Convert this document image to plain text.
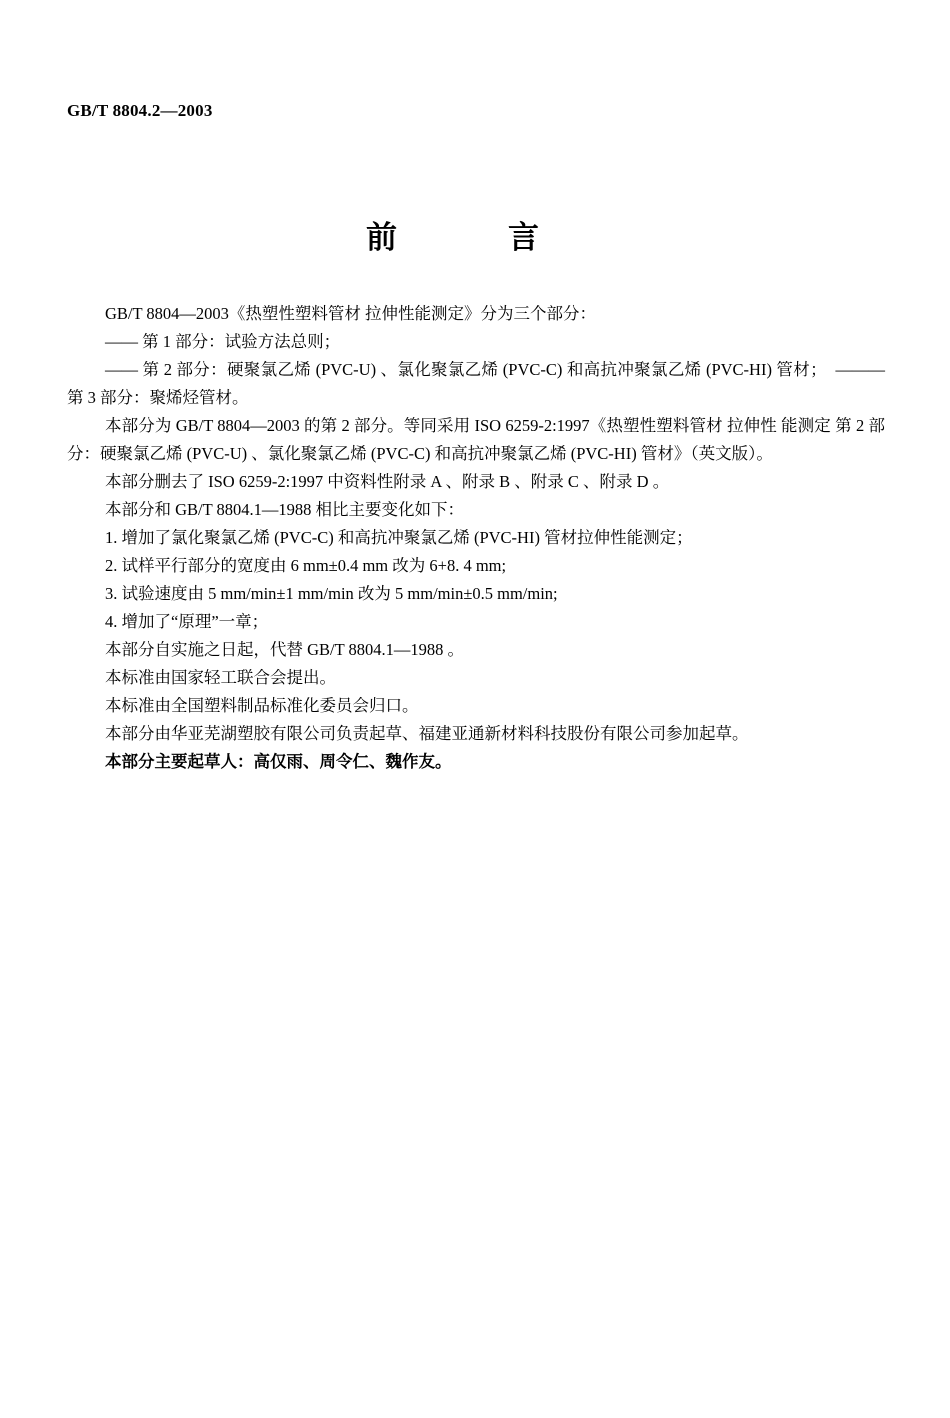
GB/T 8804.2—2003
前　言

GB/T 8804—2003《热塑性塑料管材 拉伸性能测定》分为三个部分：

—— 第 1 部分：试验方法总则；

—— 第 2 部分：硬聚氯乙烯 (PVC-U) 、氯化聚氯乙烯 (PVC-C) 和高抗冲聚氯乙烯 (PVC-HI) 管材；　———第 3 部分：聚烯烃管材。

本部分为 GB/T 8804—2003 的第 2 部分。等同采用 ISO 6259-2:1997《热塑性塑料管材 拉伸性 能测定 第 2 部分：硬聚氯乙烯 (PVC-U) 、氯化聚氯乙烯 (PVC-C) 和高抗冲聚氯乙烯 (PVC-HI) 管材》（英文版）。

本部分删去了 ISO 6259-2:1997 中资料性附录 A 、附录 B 、附录 C 、附录 D 。

本部分和 GB/T 8804.1—1988 相比主要变化如下：

1. 增加了氯化聚氯乙烯 (PVC-C) 和高抗冲聚氯乙烯 (PVC-HI) 管材拉伸性能测定；

2. 试样平行部分的宽度由 6 mm±0.4 mm 改为 6+8. 4 mm;

3. 试验速度由 5 mm/min±1 mm/min 改为 5 mm/min±0.5 mm/min;

4. 增加了“原理”一章；

本部分自实施之日起，代替 GB/T 8804.1—1988 。

本标准由国家轻工联合会提出。

本标准由全国塑料制品标准化委员会归口。

本部分由华亚芜湖塑胶有限公司负责起草、福建亚通新材料科技股份有限公司参加起草。

本部分主要起草人：高仅雨、周令仁、魏作友。
